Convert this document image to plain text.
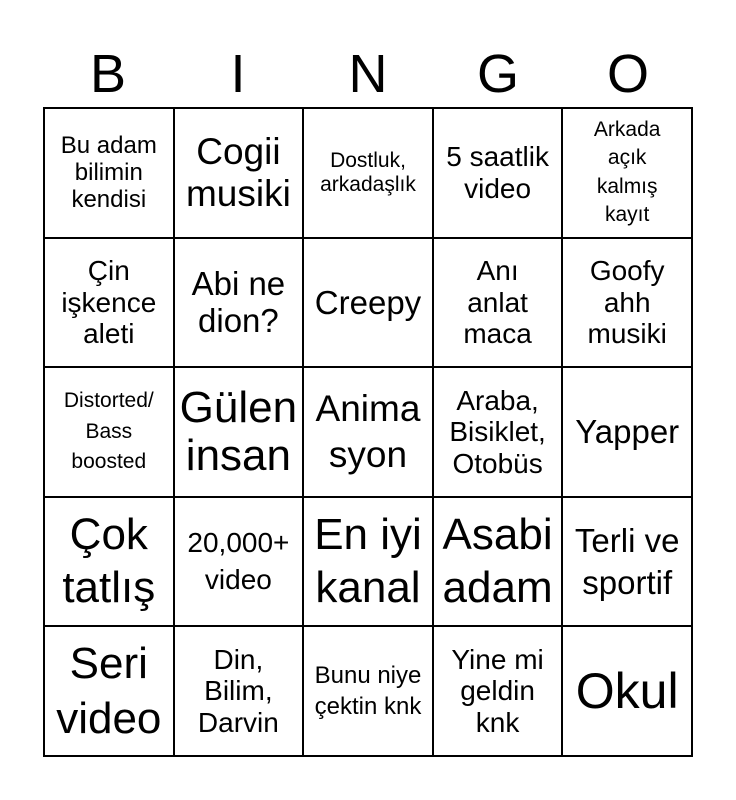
B	I	N	G	O
Bu adam bilimin kendisi
Cogii musiki
Dostluk, arkadaşlık
5 saatlik video
Arkada açık kalmış kayıt
Çin işkence aleti
Abi ne dion?
Creepy
Anı anlat maca
Goofy ahh musiki
Distorted/ Bass boosted
Gülen insan
Anima syon
Araba, Bisiklet, Otobüs
Yapper
Çok tatlış
20,000+ video
En iyi kanal
Asabi adam
Terli ve sportif
Seri video
Din, Bilim, Darvin
Bunu niye çektin knk
Yine mi geldin knk
Okul
